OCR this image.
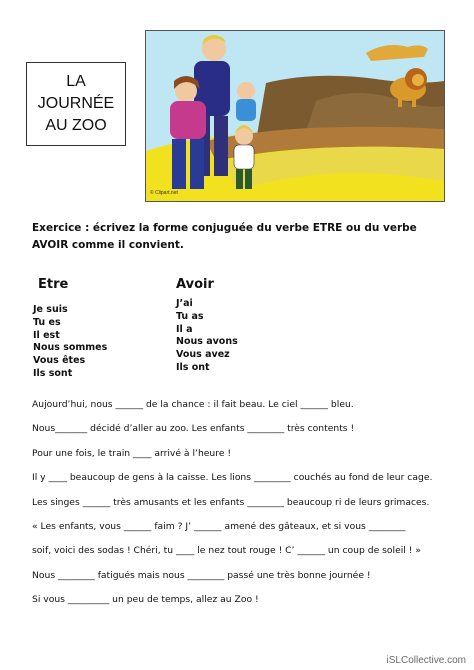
LA
JOURNÉE
AU ZOO
© Clipart.net
Exercice : écrivez la forme conjuguée du verbe ETRE ou du verbe AVOIR comme il convient.
Etre	Avoir
Je suis
Tu es
Il est
Nous sommes
Vous êtes
Ils sont
J’ai
Tu as
Il a
Nous avons
Vous avez
Ils ont
Aujourd’hui, nous ______ de la chance : il fait beau. Le ciel ______ bleu.
Nous_______ décidé d’aller au zoo. Les enfants ________ très contents !
Pour une fois, le train ____ arrivé à l’heure !
Il y ____ beaucoup de gens à la caisse. Les lions ________ couchés au fond de leur cage.
Les singes ______ très amusants et les enfants ________ beaucoup ri de leurs grimaces.
« Les enfants, vous ______ faim ? J’ ______ amené des gâteaux, et si vous ________
soif, voici des sodas ! Chéri, tu ____ le nez tout rouge ! C’ ______ un coup de soleil ! »
Nous ________ fatigués mais nous ________ passé une très bonne journée !
Si vous _________ un peu de temps, allez au Zoo !
iSLCollective.com
